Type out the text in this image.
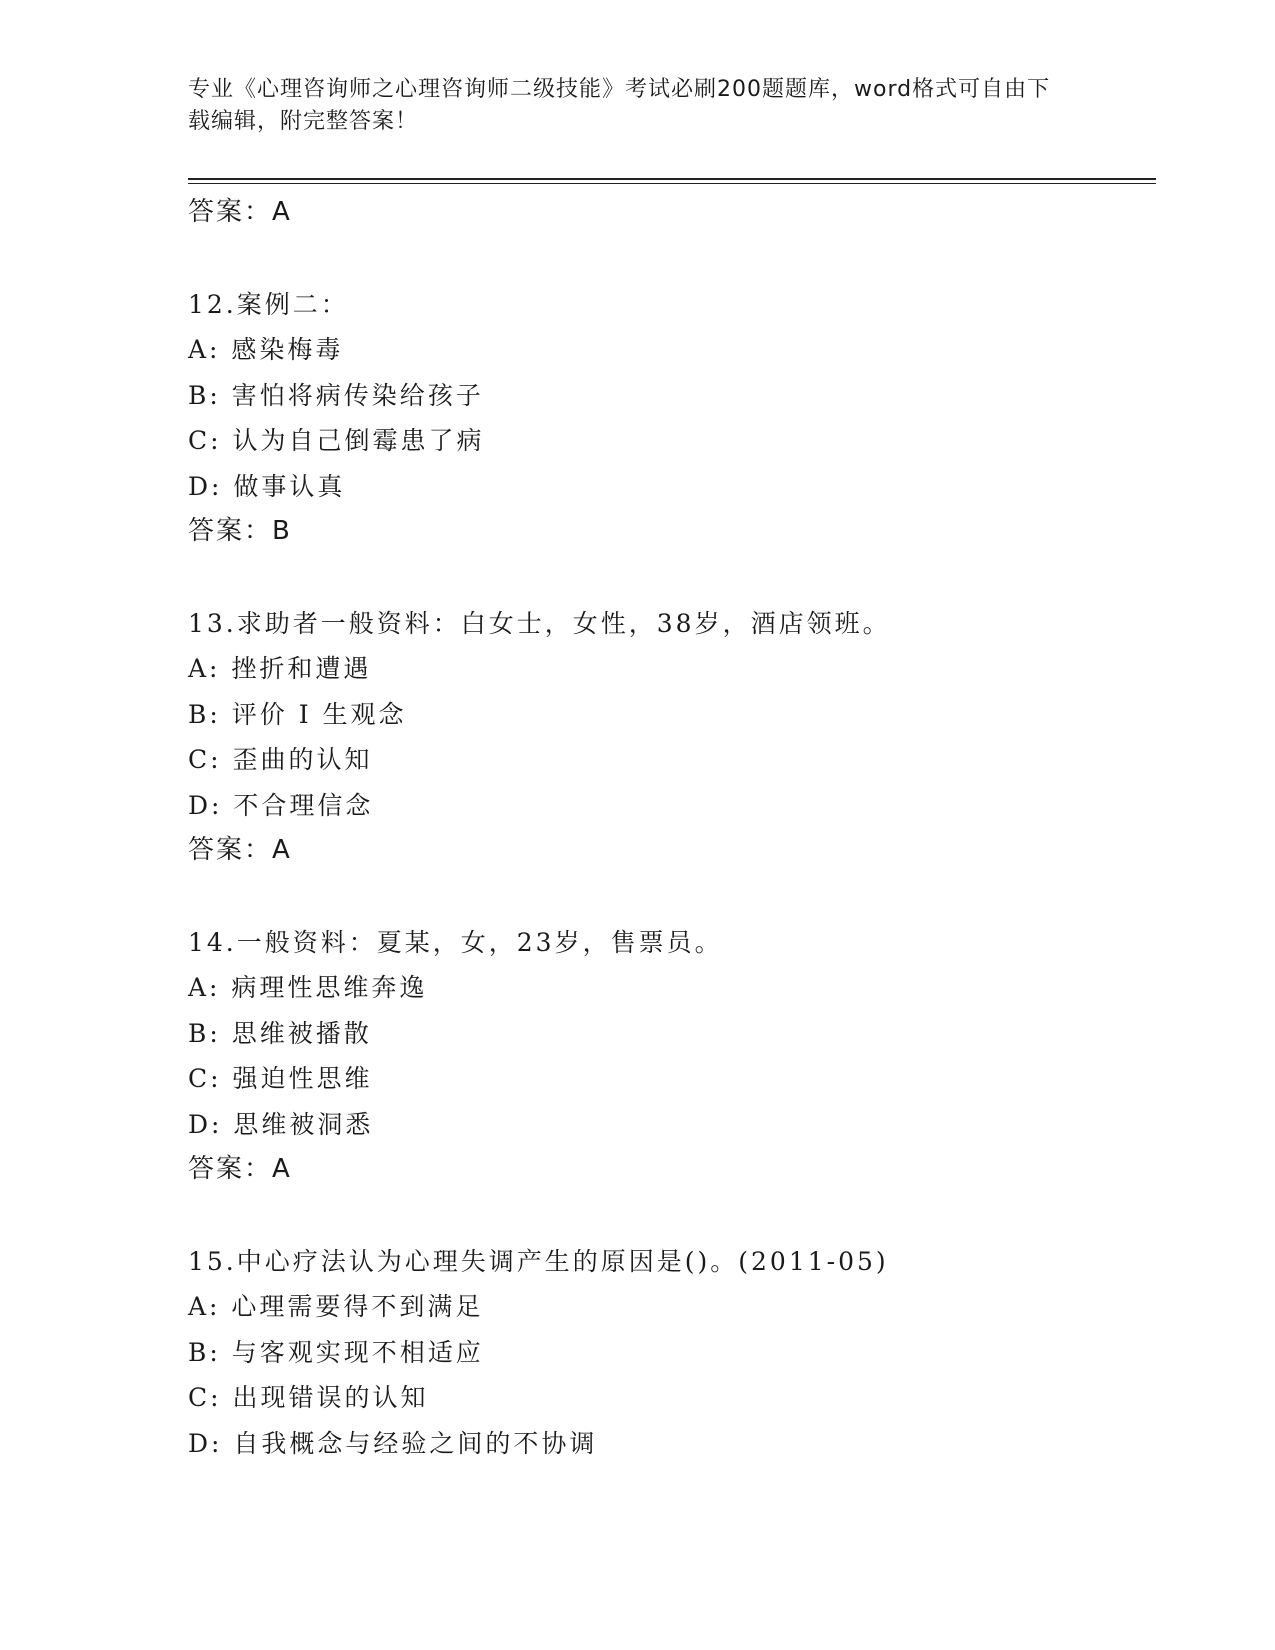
专业《心理咨询师之心理咨询师二级技能》考试必刷200题题库，word格式可自由下载编辑，附完整答案！

答案：A
12.案例二：
A: 感染梅毒
B: 害怕将病传染给孩子
C: 认为自己倒霉患了病
D: 做事认真
答案：B
13.求助者一般资料：白女士，女性，38岁，酒店领班。
A: 挫折和遭遇
B: 评价 I 生观念
C: 歪曲的认知
D: 不合理信念
答案：A
14.一般资料：夏某，女，23岁，售票员。
A: 病理性思维奔逸
B: 思维被播散
C: 强迫性思维
D: 思维被洞悉
答案：A
15.中心疗法认为心理失调产生的原因是()。(2011-05)
A: 心理需要得不到满足
B: 与客观实现不相适应
C: 出现错误的认知
D: 自我概念与经验之间的不协调
